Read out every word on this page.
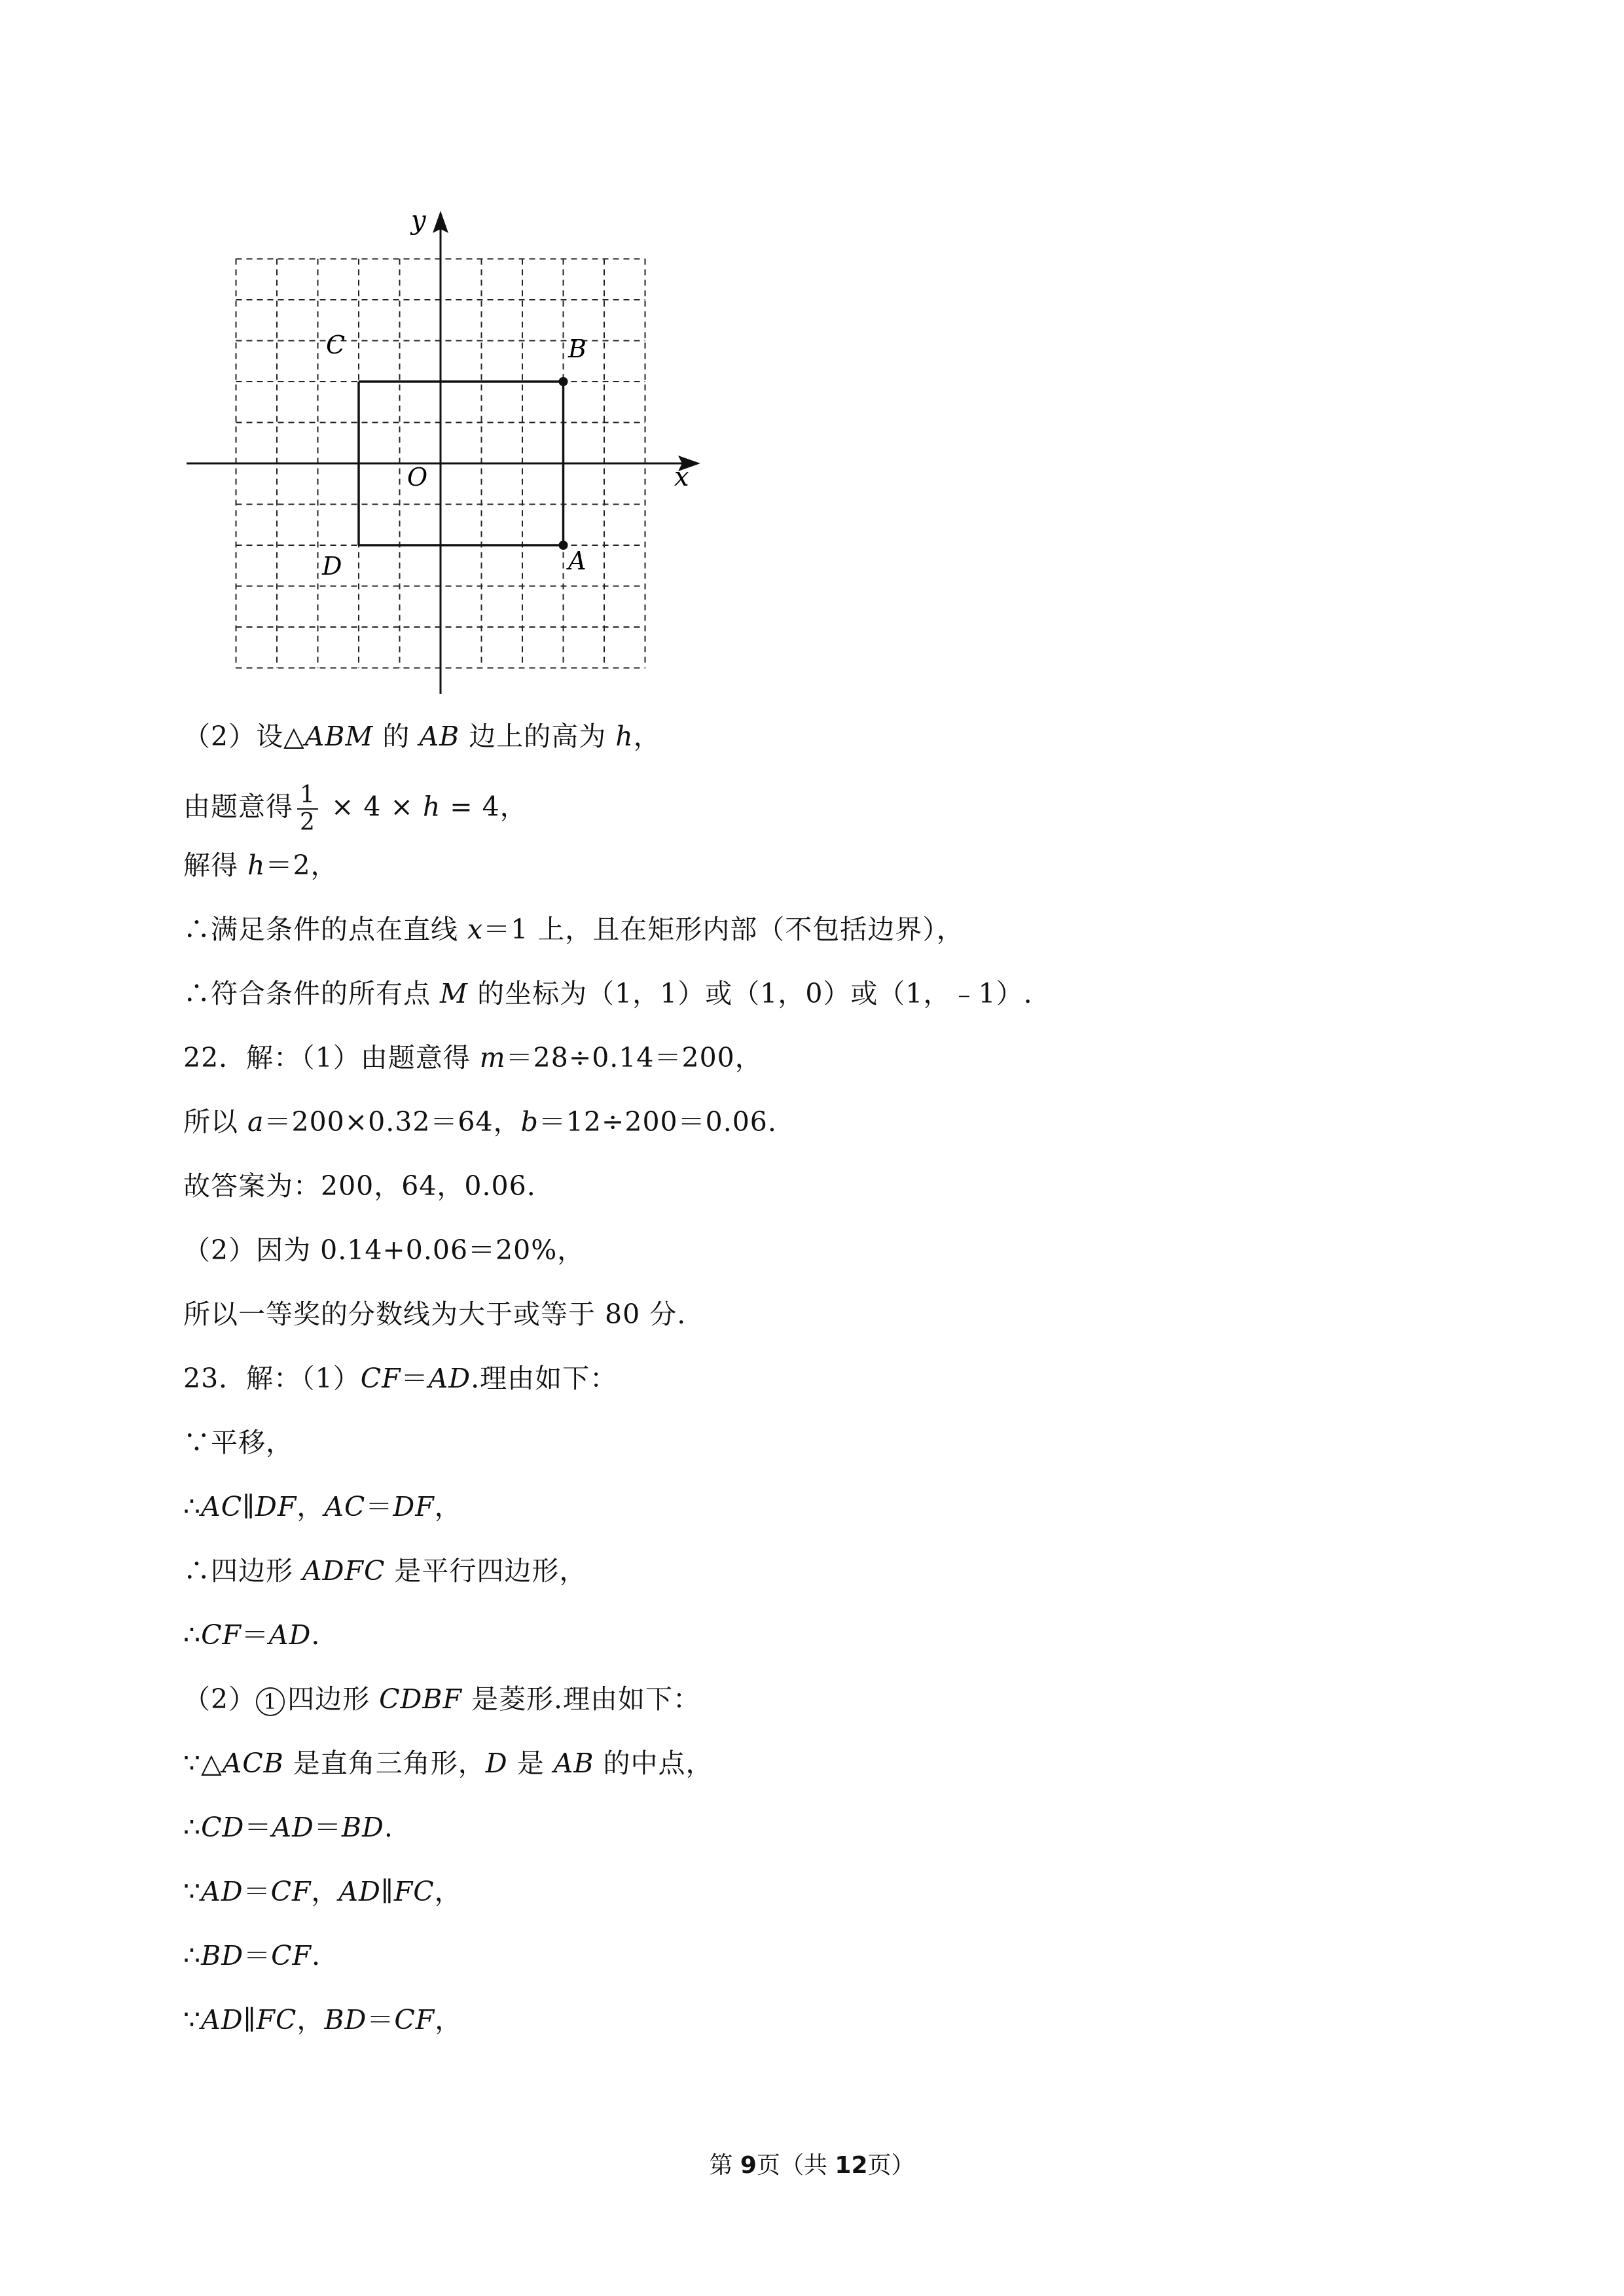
x
y
O
C	B
D	A
（2）设△ABM 的 AB 边上的高为 h，
由题意得 $\frac{1}{2} \times 4 \times h = 4$，
解得 h＝2，
∴满足条件的点在直线 x＝1 上，且在矩形内部（不包括边界），
∴符合条件的所有点 M 的坐标为（1，1）或（1，0）或（1，﹣1）.
22．解：（1）由题意得 m＝28÷0.14＝200，
所以 a＝200×0.32＝64，b＝12÷200＝0.06.
故答案为：200，64，0.06.
（2）因为 0.14+0.06＝20%，
所以一等奖的分数线为大于或等于 80 分.
23．解：（1）CF＝AD.理由如下：
∵平移，
∴AC∥DF，AC＝DF，
∴四边形 ADFC 是平行四边形，
∴CF＝AD.
（2） 1 四边形 CDBF 是菱形.理由如下：
∵△ACB 是直角三角形，D 是 AB 的中点，
∴CD＝AD＝BD.
∵AD＝CF，AD∥FC，
∴BD＝CF.
∵AD∥FC，BD＝CF，
第 9页（共 12页）
